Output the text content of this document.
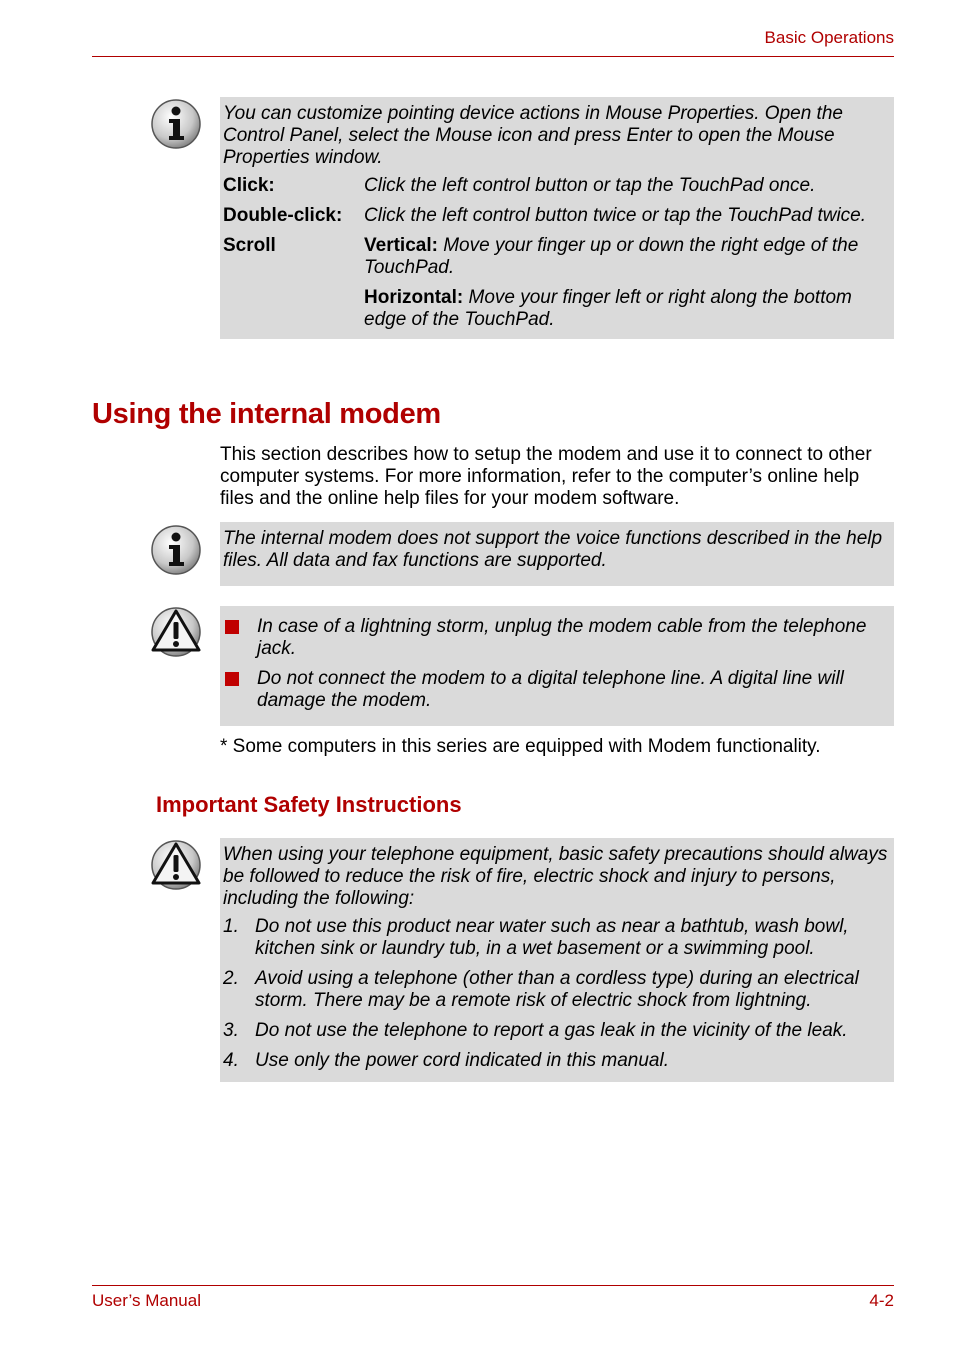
Basic Operations

You can customize pointing device actions in Mouse Properties. Open the Control Panel, select the Mouse icon and press Enter to open the Mouse Properties window.

Click:	Click the left control button or tap the TouchPad once.
Double-click:	Click the left control button twice or tap the TouchPad twice.
Scroll	Vertical: Move your finger up or down the right edge of the TouchPad.
Horizontal: Move your finger left or right along the bottom edge of the TouchPad.
Using the internal modem

This section describes how to setup the modem and use it to connect to other computer systems. For more information, refer to the computer’s online help files and the online help files for your modem software.

The internal modem does not support the voice functions described in the help files. All data and fax functions are supported.

In case of a lightning storm, unplug the modem cable from the telephone jack.
Do not connect the modem to a digital telephone line. A digital line will damage the modem.

* Some computers in this series are equipped with Modem functionality.

Important Safety Instructions

When using your telephone equipment, basic safety precautions should always be followed to reduce the risk of fire, electric shock and injury to persons, including the following:

1. Do not use this product near water such as near a bathtub, wash bowl, kitchen sink or laundry tub, in a wet basement or a swimming pool.
2. Avoid using a telephone (other than a cordless type) during an electrical storm. There may be a remote risk of electric shock from lightning.
3. Do not use the telephone to report a gas leak in the vicinity of the leak.
4. Use only the power cord indicated in this manual.
User’s Manual	4-2
